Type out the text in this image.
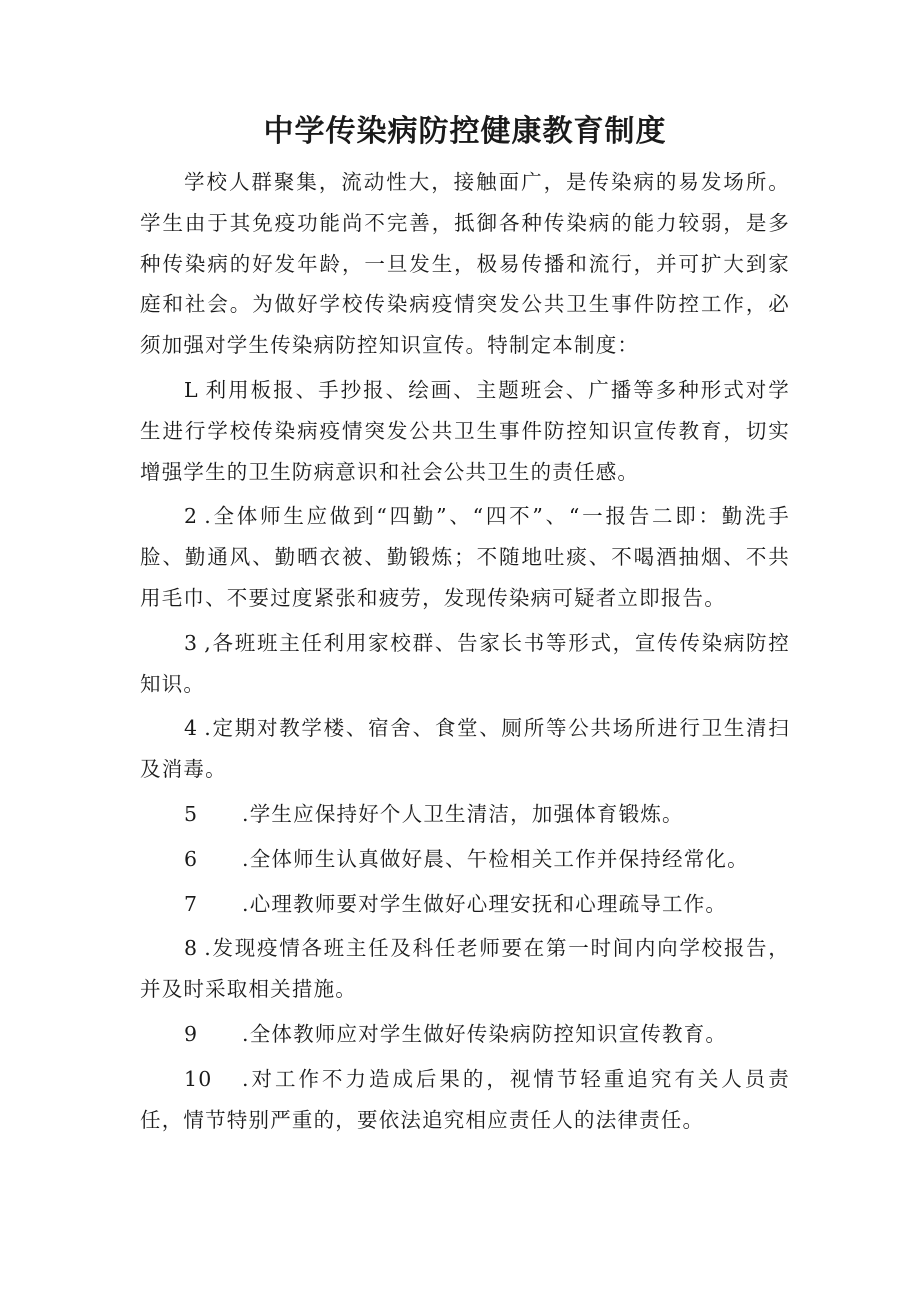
中学传染病防控健康教育制度

学校人群聚集，流动性大，接触面广，是传染病的易发场所。学生由于其免疫功能尚不完善，抵御各种传染病的能力较弱，是多种传染病的好发年龄，一旦发生，极易传播和流行，并可扩大到家庭和社会。为做好学校传染病疫情突发公共卫生事件防控工作，必须加强对学生传染病防控知识宣传。特制定本制度：

L 利用板报、手抄报、绘画、主题班会、广播等多种形式对学生进行学校传染病疫情突发公共卫生事件防控知识宣传教育，切实增强学生的卫生防病意识和社会公共卫生的责任感。

2 .全体师生应做到“四勤”、“四不”、“一报告二即：勤洗手脸、勤通风、勤晒衣被、勤锻炼；不随地吐痰、不喝酒抽烟、不共用毛巾、不要过度紧张和疲劳，发现传染病可疑者立即报告。

3 ,各班班主任利用家校群、告家长书等形式，宣传传染病防控知识。

4 .定期对教学楼、宿舍、食堂、厕所等公共场所进行卫生清扫及消毒。

5 .学生应保持好个人卫生清洁，加强体育锻炼。

6 .全体师生认真做好晨、午检相关工作并保持经常化。

7 .心理教师要对学生做好心理安抚和心理疏导工作。

8 .发现疫情各班主任及科任老师要在第一时间内向学校报告，并及时采取相关措施。

9 .全体教师应对学生做好传染病防控知识宣传教育。

10 .对工作不力造成后果的，视情节轻重追究有关人员责任，情节特别严重的，要依法追究相应责任人的法律责任。
